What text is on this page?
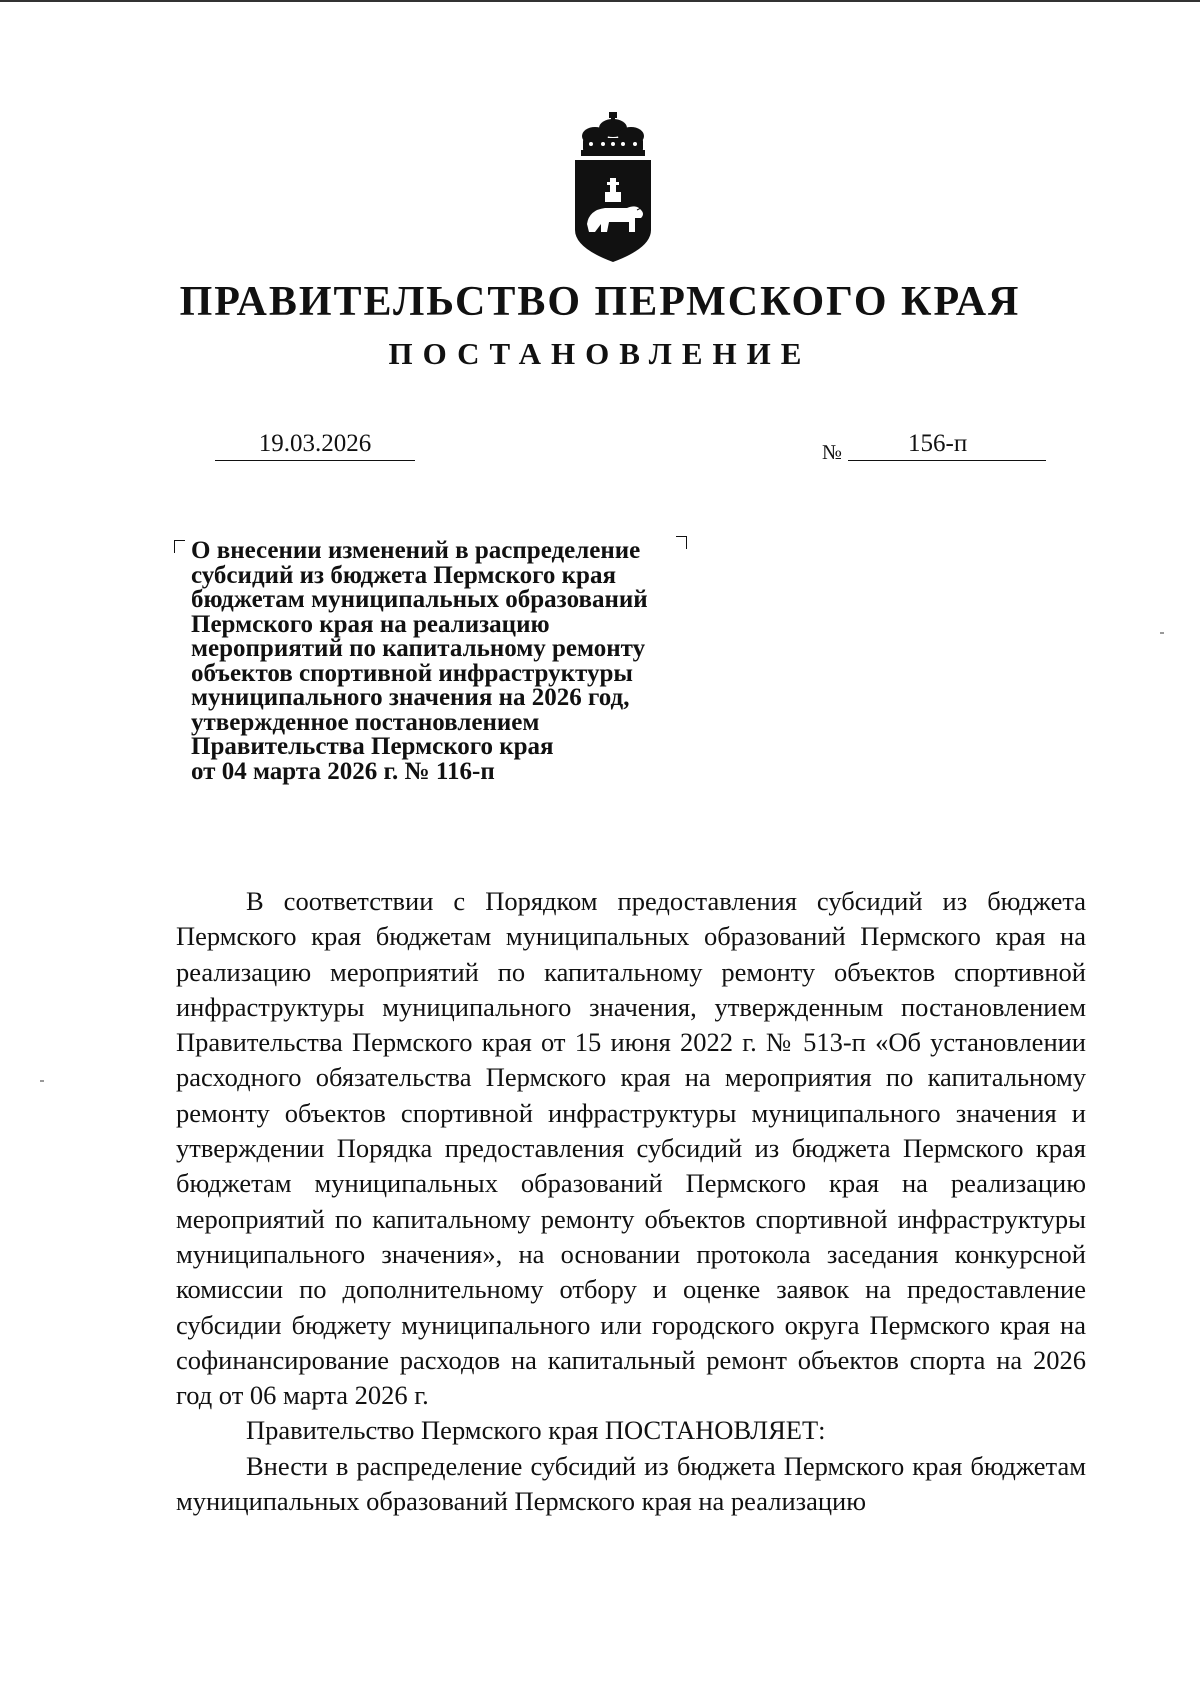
ПРАВИТЕЛЬСТВО ПЕРМСКОГО КРАЯ
ПОСТАНОВЛЕНИЕ
19.03.2026	№	156-п
О внесении изменений в распределение
субсидий из бюджета Пермского края
бюджетам муниципальных образований
Пермского края на реализацию
мероприятий по капитальному ремонту
объектов спортивной инфраструктуры
муниципального значения на 2026 год,
утвержденное постановлением
Правительства Пермского края
от 04 марта 2026 г. № 116-п

В соответствии с Порядком предоставления субсидий из бюджета Пермского края бюджетам муниципальных образований Пермского края на реализацию мероприятий по капитальному ремонту объектов спортивной инфраструктуры муниципального значения, утвержденным постановлением Правительства Пермского края от 15 июня 2022 г. № 513-п «Об установлении расходного обязательства Пермского края на мероприятия по капитальному ремонту объектов спортивной инфраструктуры муниципального значения и утверждении Порядка предоставления субсидий из бюджета Пермского края бюджетам муниципальных образований Пермского края на реализацию мероприятий по капитальному ремонту объектов спортивной инфраструктуры муниципального значения», на основании протокола заседания конкурсной комиссии по дополнительному отбору и оценке заявок на предоставление субсидии бюджету муниципального или городского округа Пермского края на софинансирование расходов на капитальный ремонт объектов спорта на 2026 год от 06 марта 2026 г.

Правительство Пермского края ПОСТАНОВЛЯЕТ:

Внести в распределение субсидий из бюджета Пермского края бюджетам муниципальных образований Пермского края на реализацию
